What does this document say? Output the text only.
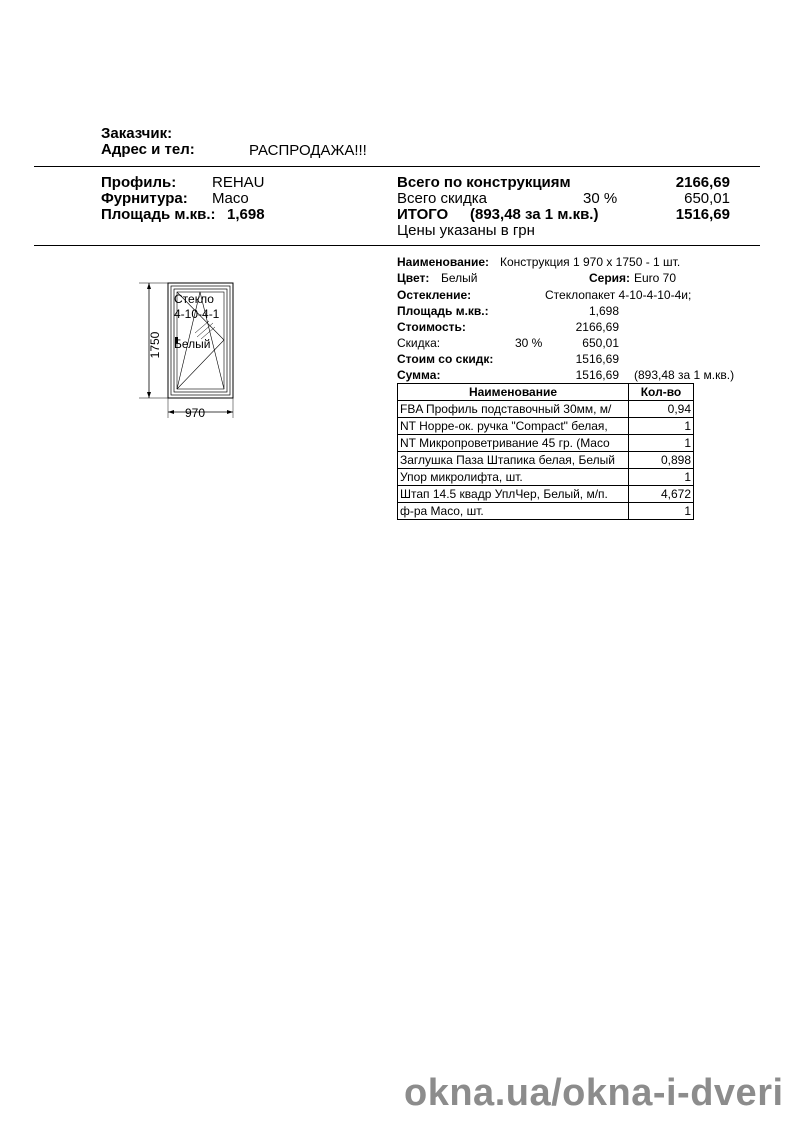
Заказчик:
Адрес и тел:	РАСПРОДАЖА!!!
Профиль: REHAU
Фурнитура: Maco
Площадь м.кв.: 1,698
Всего по конструкциям	2166,69
Всего скидка	30 %	650,01
ИТОГО (893,48 за 1 м.кв.)	1516,69
Цены указаны в грн
Стекло
4-10-4-1
Белый
1750
970
Наименование: Конструкция 1 970 x 1750 - 1 шт.
Цвет: Белый	Серия: Euro 70
Остекление:	Стеклопакет 4-10-4-10-4и;
Площадь м.кв.:	1,698
Стоимость:	2166,69
Скидка:	30 %	650,01
Стоим со скидк:	1516,69
Сумма:	1516,69 (893,48 за 1 м.кв.)
Наименование	Кол-во
FBA Профиль подставочный 30мм, м/	0,94
NT Hoppe-ок. ручка "Compact" белая,	1
NT Микропроветривание 45 гр. (Maco	1
Заглушка Паза Штапика белая, Белый	0,898
Упор микролифта, шт.	1
Штап 14.5 квадр УплЧер, Белый, м/п.	4,672
ф-ра Maco, шт.	1
okna.ua/okna-i-dveri
